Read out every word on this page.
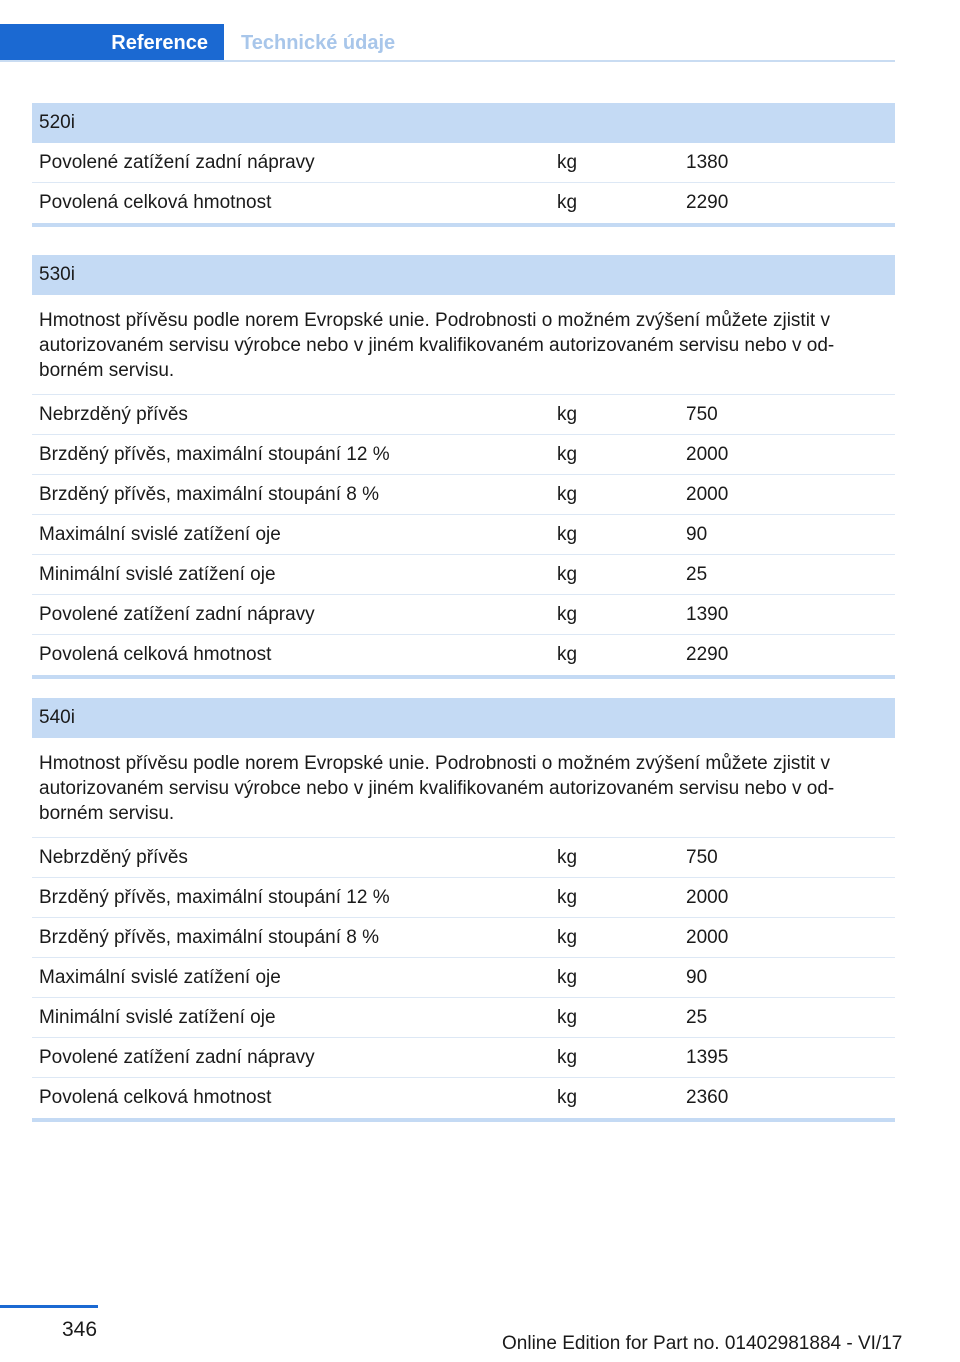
Reference	Technické údaje
520i
Povolené zatížení zadní nápravy	kg	1380
Povolená celková hmotnost	kg	2290
530i
Hmotnost přívěsu podle norem Evropské unie. Podrobnosti o možném zvýšení můžete zjistit v autorizovaném servisu výrobce nebo v jiném kvalifikovaném autorizovaném servisu nebo v od‐ borném servisu.
Nebrzděný přívěs	kg	750
Brzděný přívěs, maximální stoupání 12 %	kg	2000
Brzděný přívěs, maximální stoupání 8 %	kg	2000
Maximální svislé zatížení oje	kg	90
Minimální svislé zatížení oje	kg	25
Povolené zatížení zadní nápravy	kg	1390
Povolená celková hmotnost	kg	2290
540i
Hmotnost přívěsu podle norem Evropské unie. Podrobnosti o možném zvýšení můžete zjistit v autorizovaném servisu výrobce nebo v jiném kvalifikovaném autorizovaném servisu nebo v od‐ borném servisu.
Nebrzděný přívěs	kg	750
Brzděný přívěs, maximální stoupání 12 %	kg	2000
Brzděný přívěs, maximální stoupání 8 %	kg	2000
Maximální svislé zatížení oje	kg	90
Minimální svislé zatížení oje	kg	25
Povolené zatížení zadní nápravy	kg	1395
Povolená celková hmotnost	kg	2360
346
Online Edition for Part no. 01402981884 - VI/17
